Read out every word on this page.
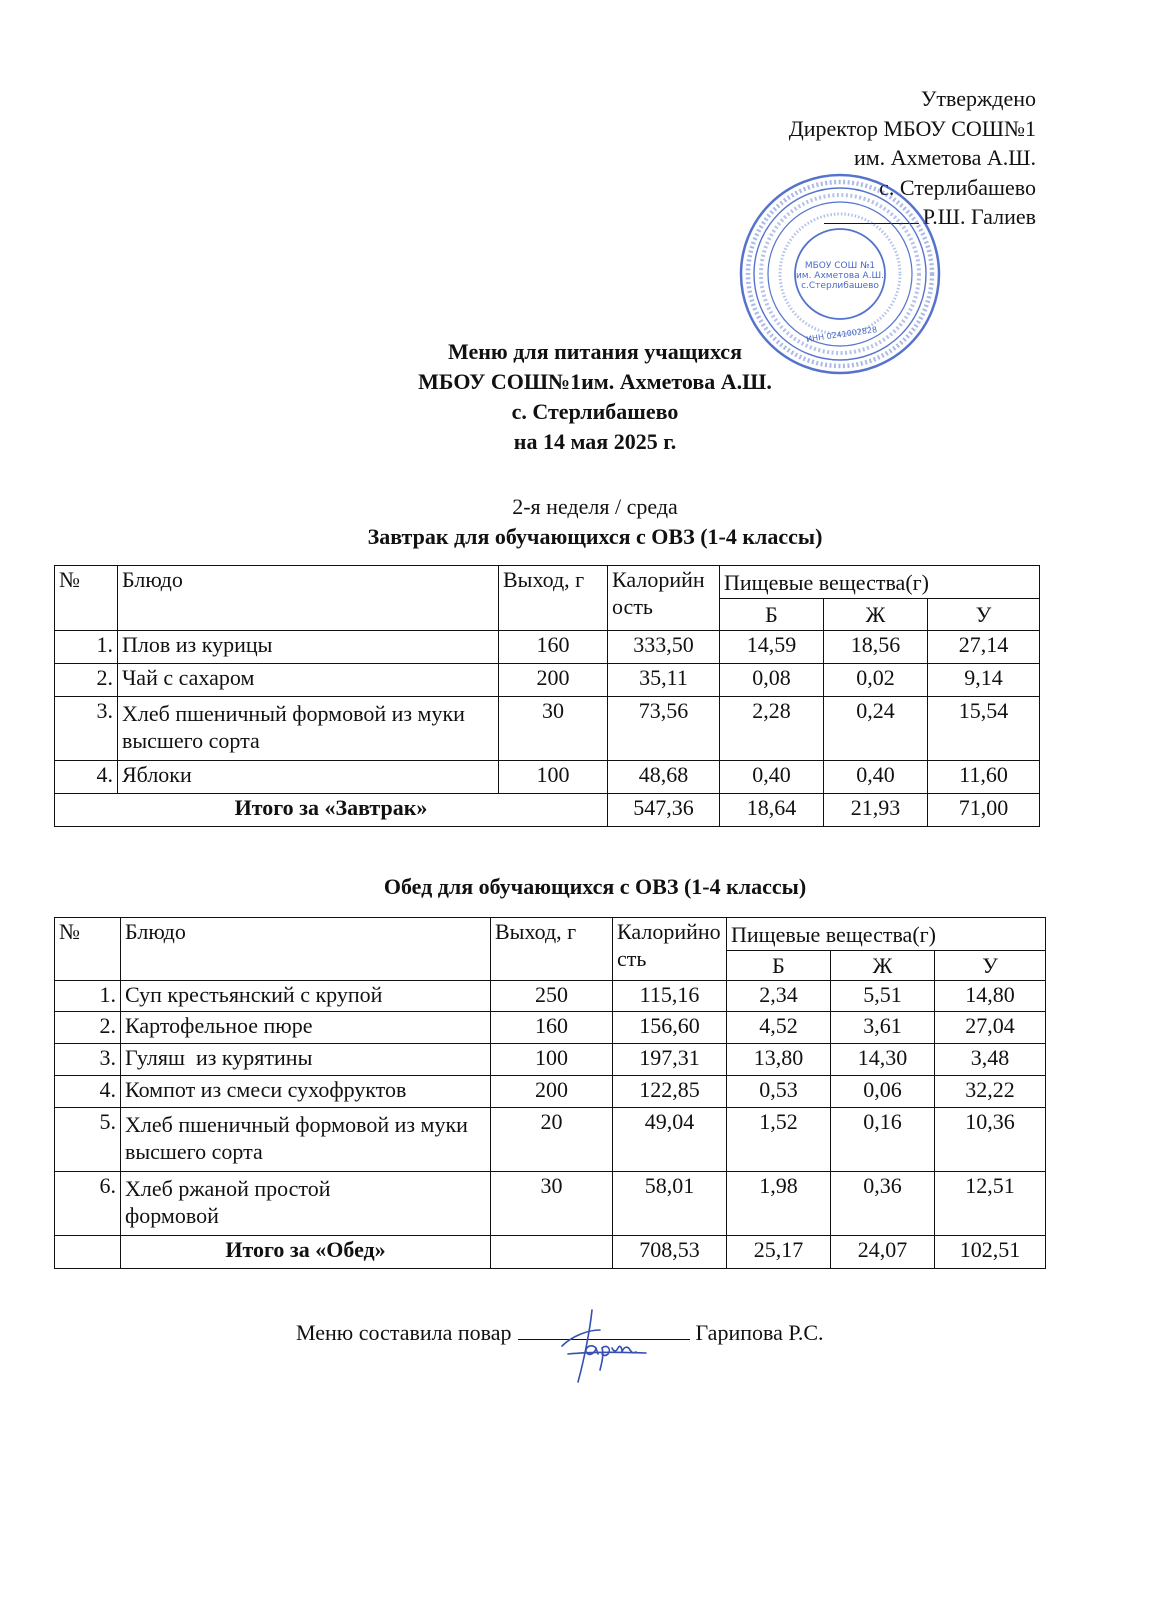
Утверждено
Директор МБОУ СОШ№1
им. Ахметова А.Ш.
с. Стерлибашево
Р.Ш. Галиев
МБОУ СОШ №1
им. Ахметова А.Ш.
с.Стерлибашево
ИНН 0241002828
Меню для питания учащихся
МБОУ СОШ№1им. Ахметова А.Ш.
с. Стерлибашево
на 14 мая 2025 г.
2-я неделя / среда
Завтрак для обучающихся с ОВЗ (1-4 классы)
№	Блюдо	Выход, г	Калорийность	Пищевые вещества(г)		
				Б	Ж	У
1.	Плов из курицы	160	333,50	14,59	18,56	27,14
2.	Чай с сахаром	200	35,11	0,08	0,02	9,14
3.	Хлеб пшеничный формовой из муки высшего сорта	30	73,56	2,28	0,24	15,54
4.	Яблоки	100	48,68	0,40	0,40	11,60
Итого за «Завтрак»			547,36	18,64	21,93	71,00
Обед для обучающихся с ОВЗ (1-4 классы)
№	Блюдо	Выход, г	Калорийность	Пищевые вещества(г)		
				Б	Ж	У
1.	Суп крестьянский с крупой	250	115,16	2,34	5,51	14,80
2.	Картофельное пюре	160	156,60	4,52	3,61	27,04
3.	Гуляш  из курятины	100	197,31	13,80	14,30	3,48
4.	Компот из смеси сухофруктов	200	122,85	0,53	0,06	32,22
5.	Хлеб пшеничный формовой из муки высшего сорта	20	49,04	1,52	0,16	10,36
6.	Хлеб ржаной простой формовой	30	58,01	1,98	0,36	12,51
	Итого за «Обед»		708,53	25,17	24,07	102,51
Меню составила повар	Гарипова Р.С.
